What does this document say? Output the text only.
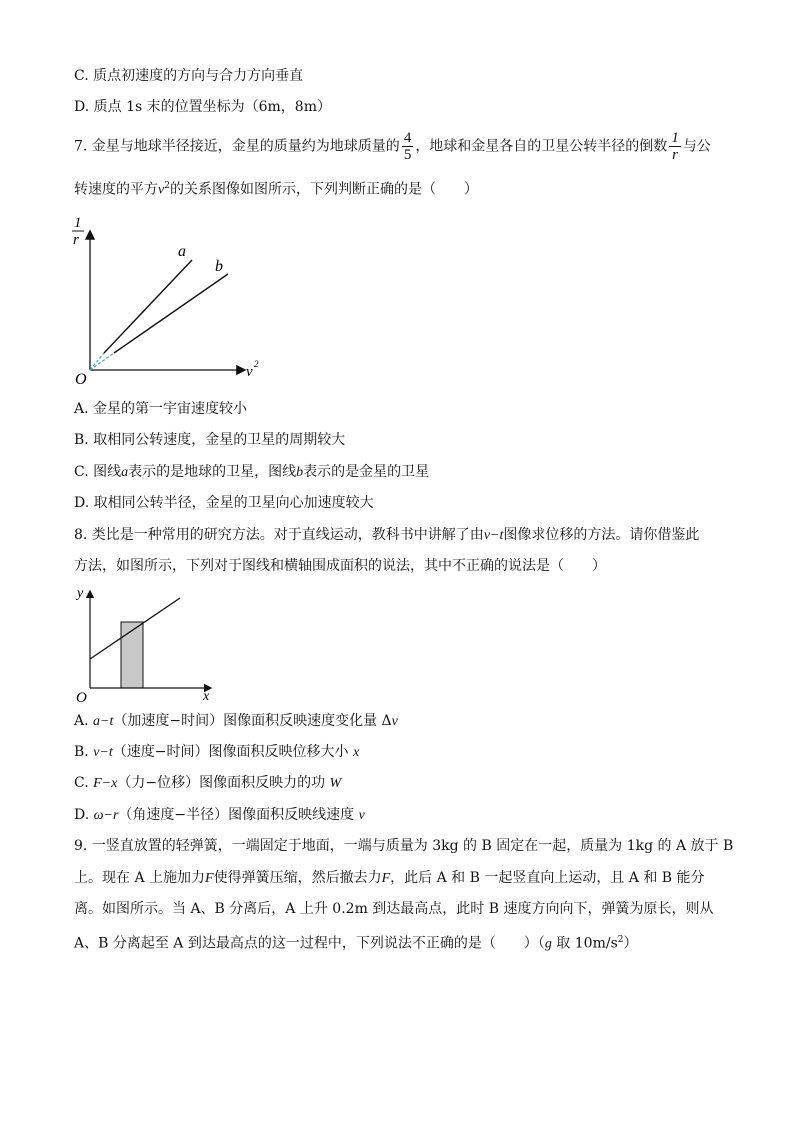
C. 质点初速度的方向与合力方向垂直
D. 质点 1s 末的位置坐标为（6m，8m）
7. 金星与地球半径接近，金星的质量约为地球质量的 $\frac{4}{5}$ ，地球和金星各自的卫星公转半径的倒数 $\frac{1}{r}$ 与公
转速度的平方$v^2$的关系图像如图所示，下列判断正确的是（　　）
1
r
v 2
O
a
b
A. 金星的第一宇宙速度较小
B. 取相同公转速度，金星的卫星的周期较大
C. 图线a表示的是地球的卫星，图线b表示的是金星的卫星
D. 取相同公转半径，金星的卫星向心加速度较大
8. 类比是一种常用的研究方法。对于直线运动，教科书中讲解了由v−t图像求位移的方法。请你借鉴此
方法，如图所示，下列对于图线和横轴围成面积的说法，其中不正确的说法是（　　）
y
x
O
A. a−t（加速度−时间）图像面积反映速度变化量 Δv
B. v−t（速度−时间）图像面积反映位移大小 x
C. F−x（力−位移）图像面积反映力的功 W
D. ω−r（角速度−半径）图像面积反映线速度 v
9. 一竖直放置的轻弹簧，一端固定于地面，一端与质量为 3kg 的 B 固定在一起，质量为 1kg 的 A 放于 B
上。现在 A 上施加力F使得弹簧压缩，然后撤去力F，此后 A 和 B 一起竖直向上运动，且 A 和 B 能分
离。如图所示。当 A、B 分离后，A 上升 0.2m 到达最高点，此时 B 速度方向向下，弹簧为原长，则从
A、B 分离起至 A 到达最高点的这一过程中，下列说法不正确的是（　　）（g 取 $10m/s^2$）
